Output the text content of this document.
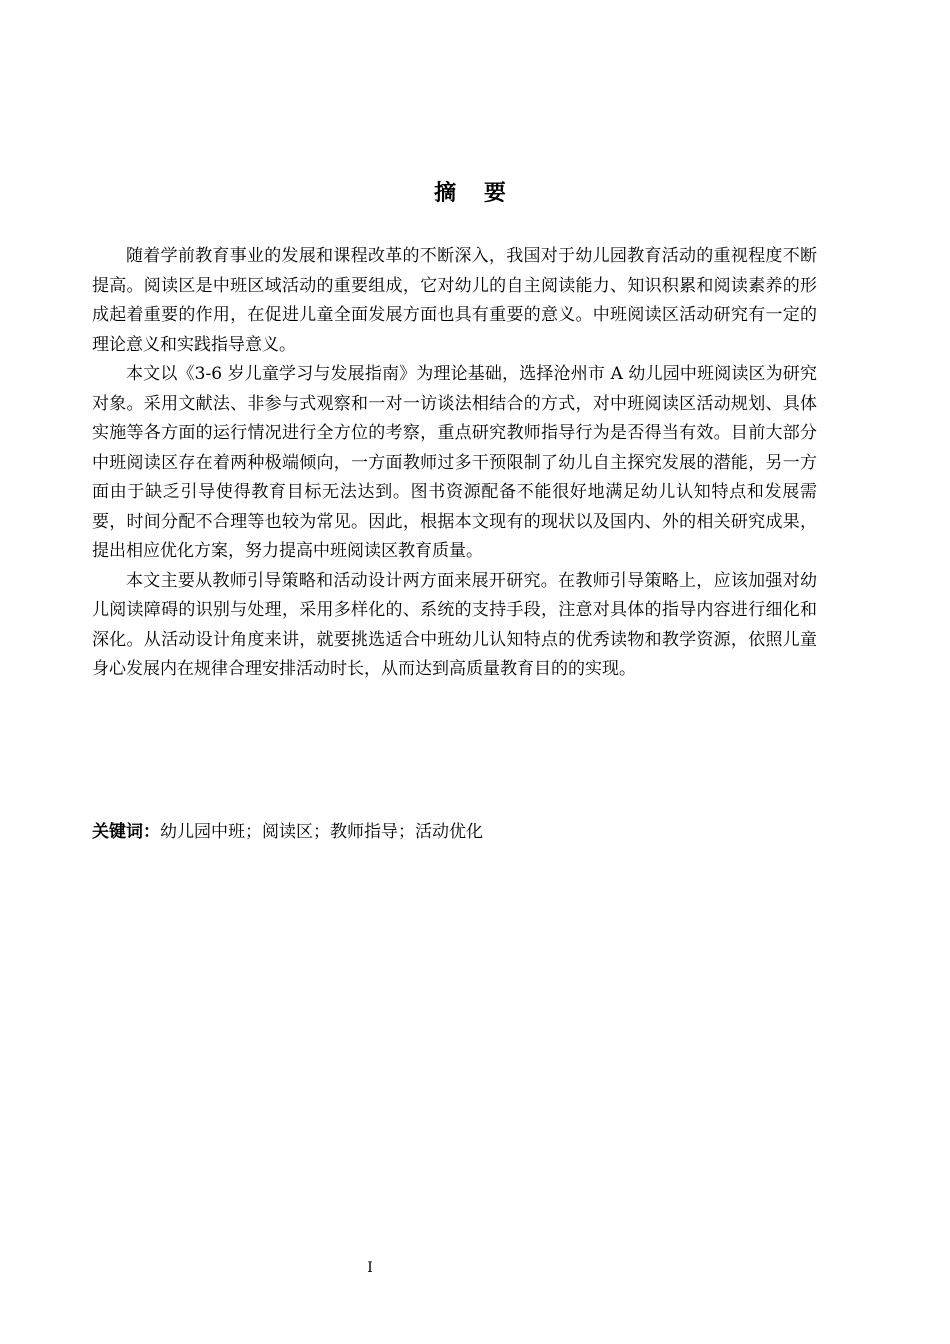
摘 要

随着学前教育事业的发展和课程改革的不断深入，我国对于幼儿园教育活动的重视程度不断提高。阅读区是中班区域活动的重要组成，它对幼儿的自主阅读能力、知识积累和阅读素养的形成起着重要的作用，在促进儿童全面发展方面也具有重要的意义。中班阅读区活动研究有一定的理论意义和实践指导意义。

本文以《3-6 岁儿童学习与发展指南》为理论基础，选择沧州市 A 幼儿园中班阅读区为研究对象。采用文献法、非参与式观察和一对一访谈法相结合的方式，对中班阅读区活动规划、具体实施等各方面的运行情况进行全方位的考察，重点研究教师指导行为是否得当有效。目前大部分中班阅读区存在着两种极端倾向，一方面教师过多干预限制了幼儿自主探究发展的潜能，另一方面由于缺乏引导使得教育目标无法达到。图书资源配备不能很好地满足幼儿认知特点和发展需要，时间分配不合理等也较为常见。因此，根据本文现有的现状以及国内、外的相关研究成果，提出相应优化方案，努力提高中班阅读区教育质量。

本文主要从教师引导策略和活动设计两方面来展开研究。在教师引导策略上，应该加强对幼儿阅读障碍的识别与处理，采用多样化的、系统的支持手段，注意对具体的指导内容进行细化和深化。从活动设计角度来讲，就要挑选适合中班幼儿认知特点的优秀读物和教学资源，依照儿童身心发展内在规律合理安排活动时长，从而达到高质量教育目的的实现。

关键词：幼儿园中班；阅读区；教师指导；活动优化
I
